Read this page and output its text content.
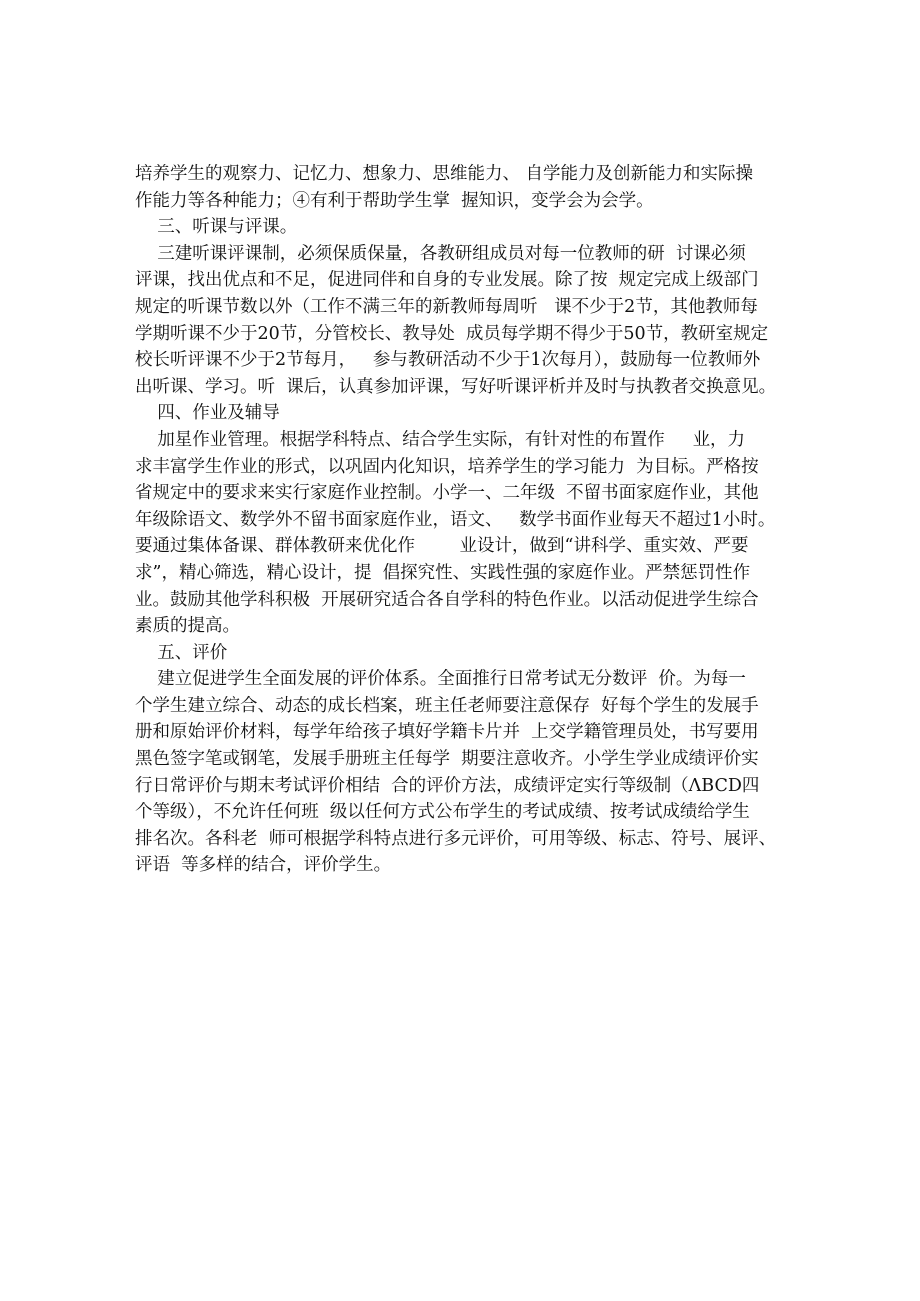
培养学生的观察力、记忆力、想象力、思维能力、 自学能力及创新能力和实际操
作能力等各种能力；④有利于帮助学生掌  握知识，变学会为会学。
三、听课与评课。
三建听课评课制，必须保质保量，各教研组成员对每一位教师的研  讨课必须
评课，找出优点和不足，促进同伴和自身的专业发展。除了按  规定完成上级部门
规定的听课节数以外（工作不满三年的新教师每周听   课不少于2节，其他教师每
学期听课不少于20节，分管校长、教导处  成员每学期不得少于50节，教研室规定
校长听评课不少于2节每月，   参与教研活动不少于1次每月），鼓励每一位教师外
出听课、学习。听  课后，认真参加评课，写好听课评析并及时与执教者交换意见。
四、作业及辅导
加星作业管理。根据学科特点、结合学生实际，有针对性的布置作     业，力
求丰富学生作业的形式，以巩固内化知识，培养学生的学习能力  为目标。严格按
省规定中的要求来实行家庭作业控制。小学一、二年级  不留书面家庭作业，其他
年级除语文、数学外不留书面家庭作业，语文、   数学书面作业每天不超过1小时。
要通过集体备课、群体教研来优化作        业设计，做到“讲科学、重实效、严要
求”，精心筛选，精心设计，提  倡探究性、实践性强的家庭作业。严禁惩罚性作
业。鼓励其他学科积极  开展研究适合各自学科的特色作业。以活动促进学生综合
素质的提高。
五、评价
建立促进学生全面发展的评价体系。全面推行日常考试无分数评  价。为每一
个学生建立综合、动态的成长档案，班主任老师要注意保存  好每个学生的发展手
册和原始评价材料，每学年给孩子填好学籍卡片并  上交学籍管理员处，书写要用
黑色签字笔或钢笔，发展手册班主任每学  期要注意收齐。小学生学业成绩评价实
行日常评价与期末考试评价相结  合的评价方法，成绩评定实行等级制（ΛBCD四
个等级），不允许任何班  级以任何方式公布学生的考试成绩、按考试成绩给学生
排名次。各科老  师可根据学科特点进行多元评价，可用等级、标志、符号、展评、
评语  等多样的结合，评价学生。
